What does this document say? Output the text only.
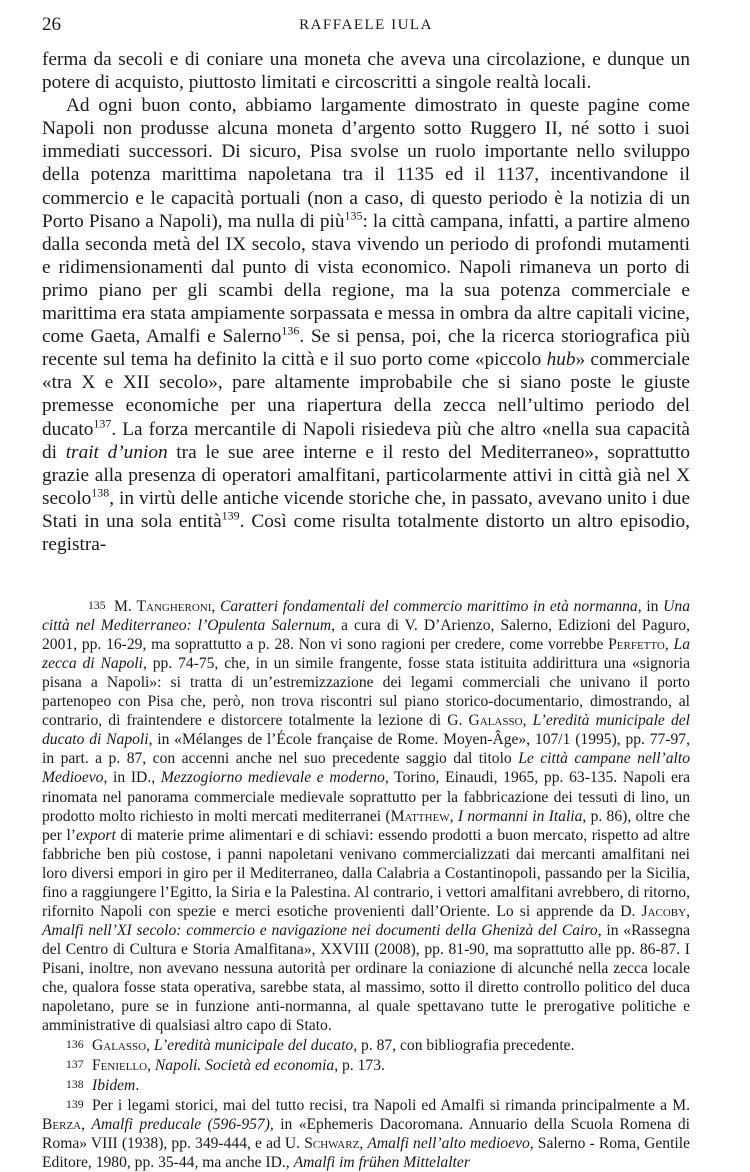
26	RAFFAELE IULA

ferma da secoli e di coniare una moneta che aveva una circolazione, e dunque un potere di acquisto, piuttosto limitati e circoscritti a singole realtà locali.

Ad ogni buon conto, abbiamo largamente dimostrato in queste pagine come Napoli non produsse alcuna moneta d’argento sotto Ruggero II, né sotto i suoi immediati successori. Di sicuro, Pisa svolse un ruolo importante nello sviluppo della potenza marittima napoletana tra il 1135 ed il 1137, incentivandone il commercio e le capacità portuali (non a caso, di questo periodo è la notizia di un Porto Pisano a Napoli), ma nulla di più$^{135}$: la città campana, infatti, a partire almeno dalla seconda metà del IX secolo, stava vivendo un periodo di profondi mutamenti e ridimensionamenti dal punto di vista economico. Napoli rimaneva un porto di primo piano per gli scambi della regione, ma la sua potenza commerciale e marittima era stata ampiamente sorpassata e messa in ombra da altre capitali vicine, come Gaeta, Amalfi e Salerno$^{136}$. Se si pensa, poi, che la ricerca storiografica più recente sul tema ha definito la città e il suo porto come «piccolo hub» commerciale «tra X e XII secolo», pare altamente improbabile che si siano poste le giuste premesse economiche per una riapertura della zecca nell’ultimo periodo del ducato$^{137}$. La forza mercantile di Napoli risiedeva più che altro «nella sua capacità di trait d’union tra le sue aree interne e il resto del Mediterraneo», soprattutto grazie alla presenza di operatori amalfitani, particolarmente attivi in città già nel X secolo$^{138}$, in virtù delle antiche vicende storiche che, in passato, avevano unito i due Stati in una sola entità$^{139}$. Così come risulta totalmente distorto un altro episodio, registra-

135 M. Tangheroni, Caratteri fondamentali del commercio marittimo in età normanna, in Una città nel Mediterraneo: l’Opulenta Salernum, a cura di V. D’Arienzo, Salerno, Edizioni del Paguro, 2001, pp. 16-29, ma soprattutto a p. 28. Non vi sono ragioni per credere, come vorrebbe Perfetto, La zecca di Napoli, pp. 74-75, che, in un simile frangente, fosse stata istituita addirittura una «signoria pisana a Napoli»: si tratta di un’estremizzazione dei legami commerciali che univano il porto partenopeo con Pisa che, però, non trova riscontri sul piano storico-documentario, dimostrando, al contrario, di fraintendere e distorcere totalmente la lezione di G. Galasso, L’eredità municipale del ducato di Napoli, in «Mélanges de l’École française de Rome. Moyen-Âge», 107/1 (1995), pp. 77-97, in part. a p. 87, con accenni anche nel suo precedente saggio dal titolo Le città campane nell’alto Medioevo, in ID., Mezzogiorno medievale e moderno, Torino, Einaudi, 1965, pp. 63-135. Napoli era rinomata nel panorama commerciale medievale soprattutto per la fabbricazione dei tessuti di lino, un prodotto molto richiesto in molti mercati mediterranei (Matthew, I normanni in Italia, p. 86), oltre che per l’export di materie prime alimentari e di schiavi: essendo prodotti a buon mercato, rispetto ad altre fabbriche ben più costose, i panni napoletani venivano commercializzati dai mercanti amalfitani nei loro diversi empori in giro per il Mediterraneo, dalla Calabria a Costantinopoli, passando per la Sicilia, fino a raggiungere l’Egitto, la Siria e la Palestina. Al contrario, i vettori amalfitani avrebbero, di ritorno, rifornito Napoli con spezie e merci esotiche provenienti dall’Oriente. Lo si apprende da D. Jacoby, Amalfi nell’XI secolo: commercio e navigazione nei documenti della Ghenizà del Cairo, in «Rassegna del Centro di Cultura e Storia Amalfitana», XXVIII (2008), pp. 81-90, ma soprattutto alle pp. 86-87. I Pisani, inoltre, non avevano nessuna autorità per ordinare la coniazione di alcunché nella zecca locale che, qualora fosse stata operativa, sarebbe stata, al massimo, sotto il diretto controllo politico del duca napoletano, pure se in funzione anti-normanna, al quale spettavano tutte le prerogative politiche e amministrative di qualsiasi altro capo di Stato.

136 Galasso, L’eredità municipale del ducato, p. 87, con bibliografia precedente.

137 Feniello, Napoli. Società ed economia, p. 173.

138 Ibidem.

139 Per i legami storici, mai del tutto recisi, tra Napoli ed Amalfi si rimanda principalmente a M. Berza, Amalfi preducale (596-957), in «Ephemeris Dacoromana. Annuario della Scuola Romena di Roma» VIII (1938), pp. 349-444, e ad U. Schwarz, Amalfi nell’alto medioevo, Salerno - Roma, Gentile Editore, 1980, pp. 35-44, ma anche ID., Amalfi im frühen Mittelalter
